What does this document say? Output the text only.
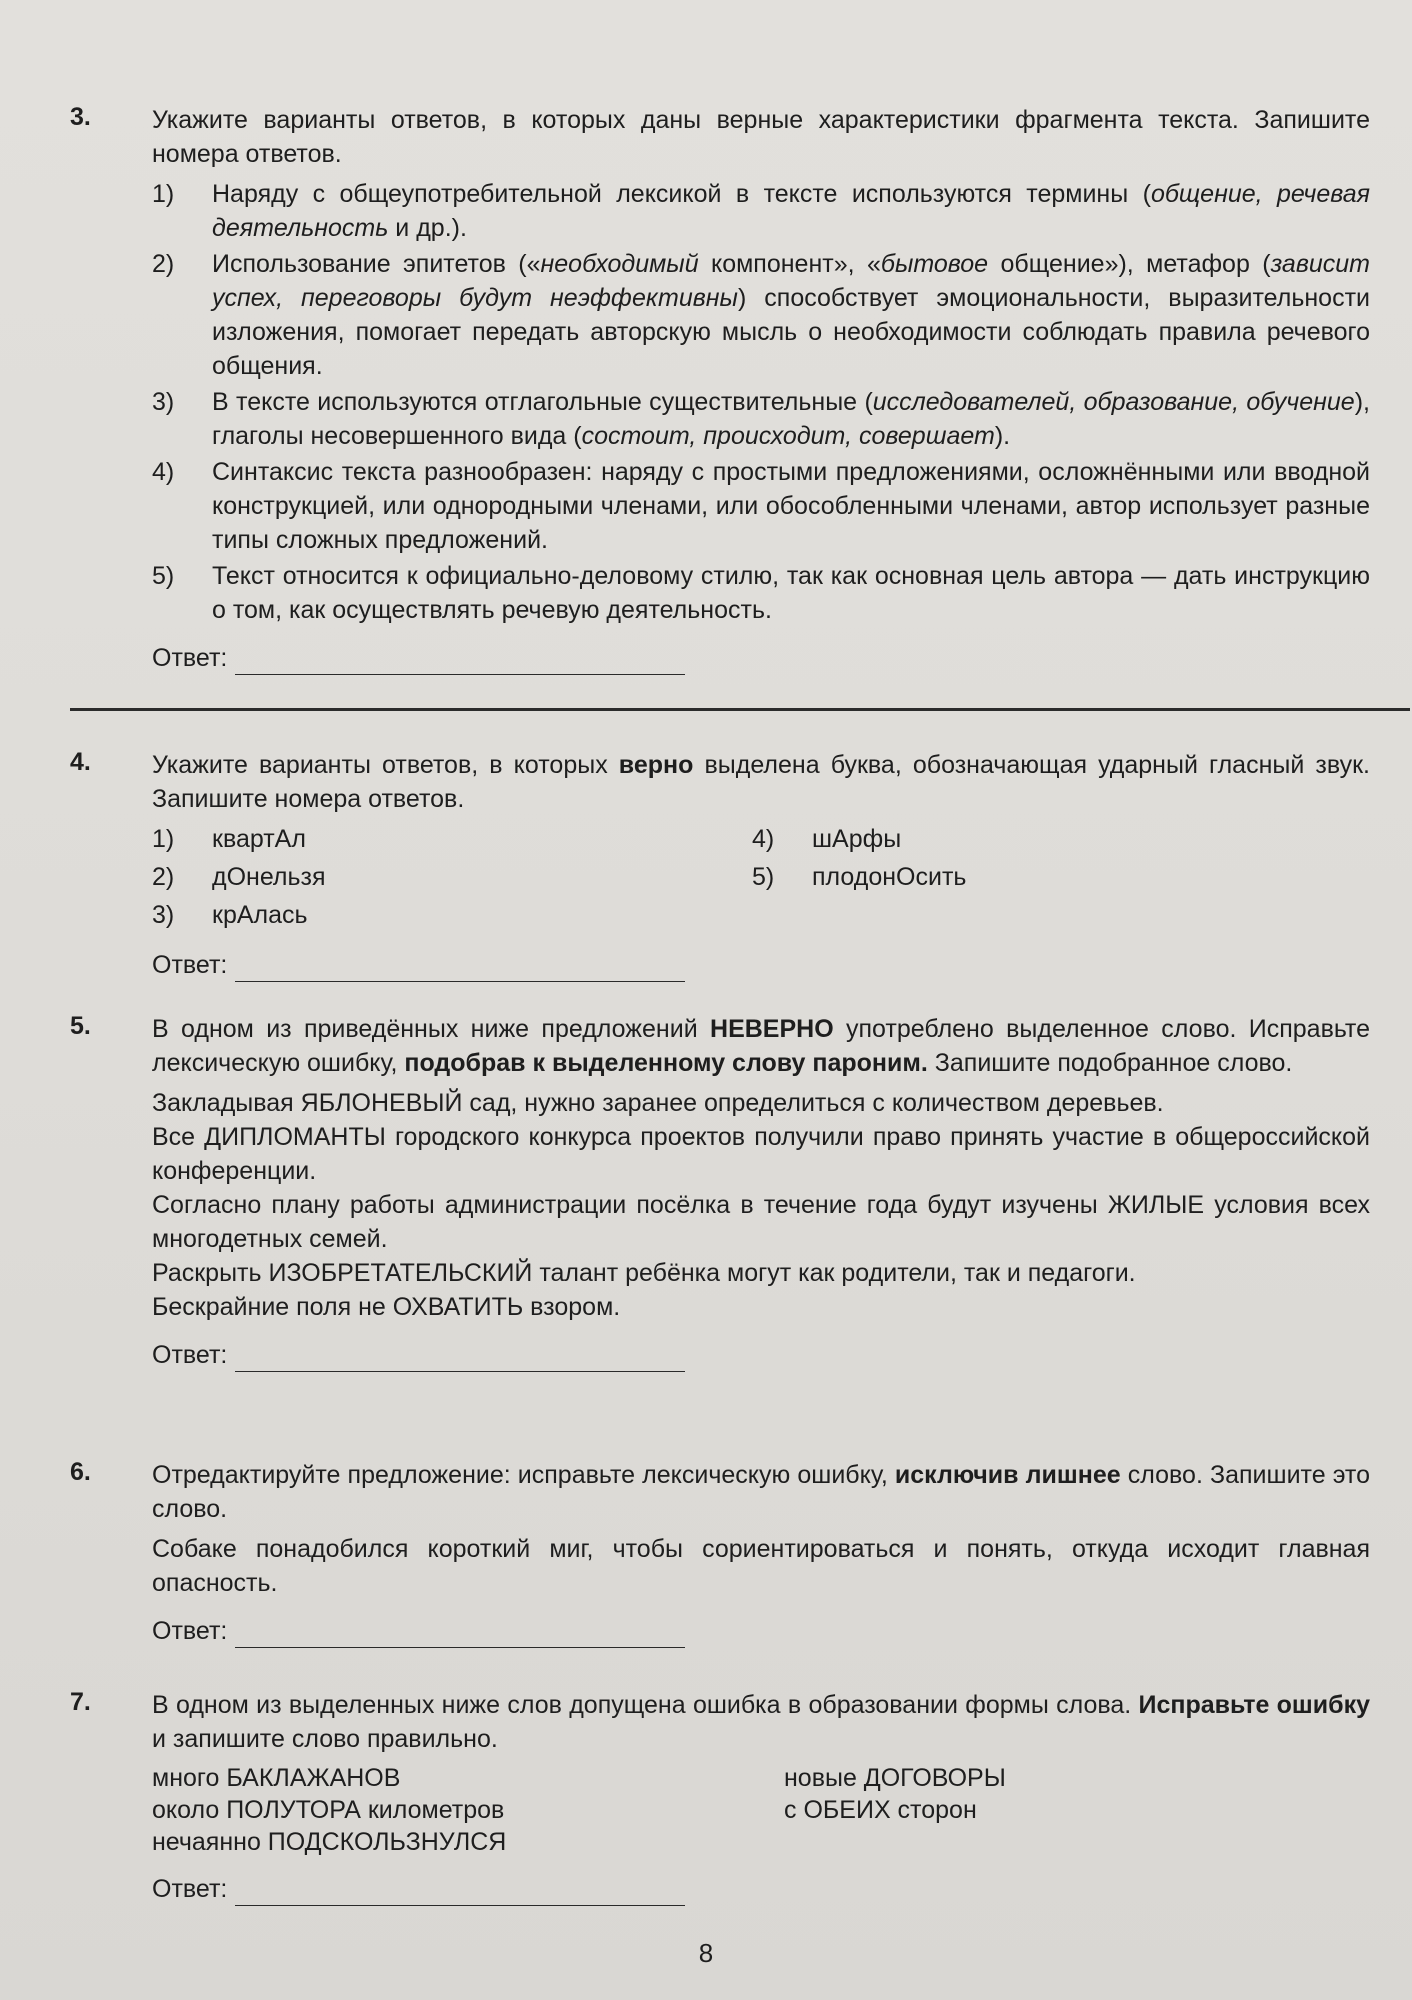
3. Укажите варианты ответов, в которых даны верные характеристики фрагмента текста. Запишите номера ответов.

1)	Наряду с общеупотребительной лексикой в тексте используются термины (общение, речевая деятельность и др.).
2)	Использование эпитетов («необходимый компонент», «бытовое общение»), метафор (зависит успех, переговоры будут неэффективны) способствует эмоциональности, выразительности изложения, помогает передать авторскую мысль о необходимости соблюдать правила речевого общения.
3)	В тексте используются отглагольные существительные (исследователей, образование, обучение), глаголы несовершенного вида (состоит, происходит, совершает).
4)	Синтаксис текста разнообразен: наряду с простыми предложениями, осложнёнными или вводной конструкцией, или однородными членами, или обособленными членами, автор использует разные типы сложных предложений.
5)	Текст относится к официально-деловому стилю, так как основная цель автора — дать инструкцию о том, как осуществлять речевую деятельность.
Ответ:
4. Укажите варианты ответов, в которых верно выделена буква, обозначающая ударный гласный звук. Запишите номера ответов.

1)	квартАл	4)	шАрфы
2)	дОнельзя	5)	плодонОсить
3)	крАлась
Ответ:
5. В одном из приведённых ниже предложений НЕВЕРНО употреблено выделенное слово. Исправьте лексическую ошибку, подобрав к выделенному слову пароним. Запишите подобранное слово.

Закладывая ЯБЛОНЕВЫЙ сад, нужно заранее определиться с количеством деревьев.

Все ДИПЛОМАНТЫ городского конкурса проектов получили право принять участие в общероссийской конференции.

Согласно плану работы администрации посёлка в течение года будут изучены ЖИЛЫЕ условия всех многодетных семей.

Раскрыть ИЗОБРЕТАТЕЛЬСКИЙ талант ребёнка могут как родители, так и педагоги.

Бескрайние поля не ОХВАТИТЬ взором.

Ответ:
6. Отредактируйте предложение: исправьте лексическую ошибку, исключив лишнее слово. Запишите это слово.

Собаке понадобился короткий миг, чтобы сориентироваться и понять, откуда исходит главная опасность.

Ответ:
7. В одном из выделенных ниже слов допущена ошибка в образовании формы слова. Исправьте ошибку и запишите слово правильно.

много БАКЛАЖАНОВ	новые ДОГОВОРЫ
около ПОЛУТОРА километров	с ОБЕИХ сторон
нечаянно ПОДСКОЛЬЗНУЛСЯ
Ответ:
8
